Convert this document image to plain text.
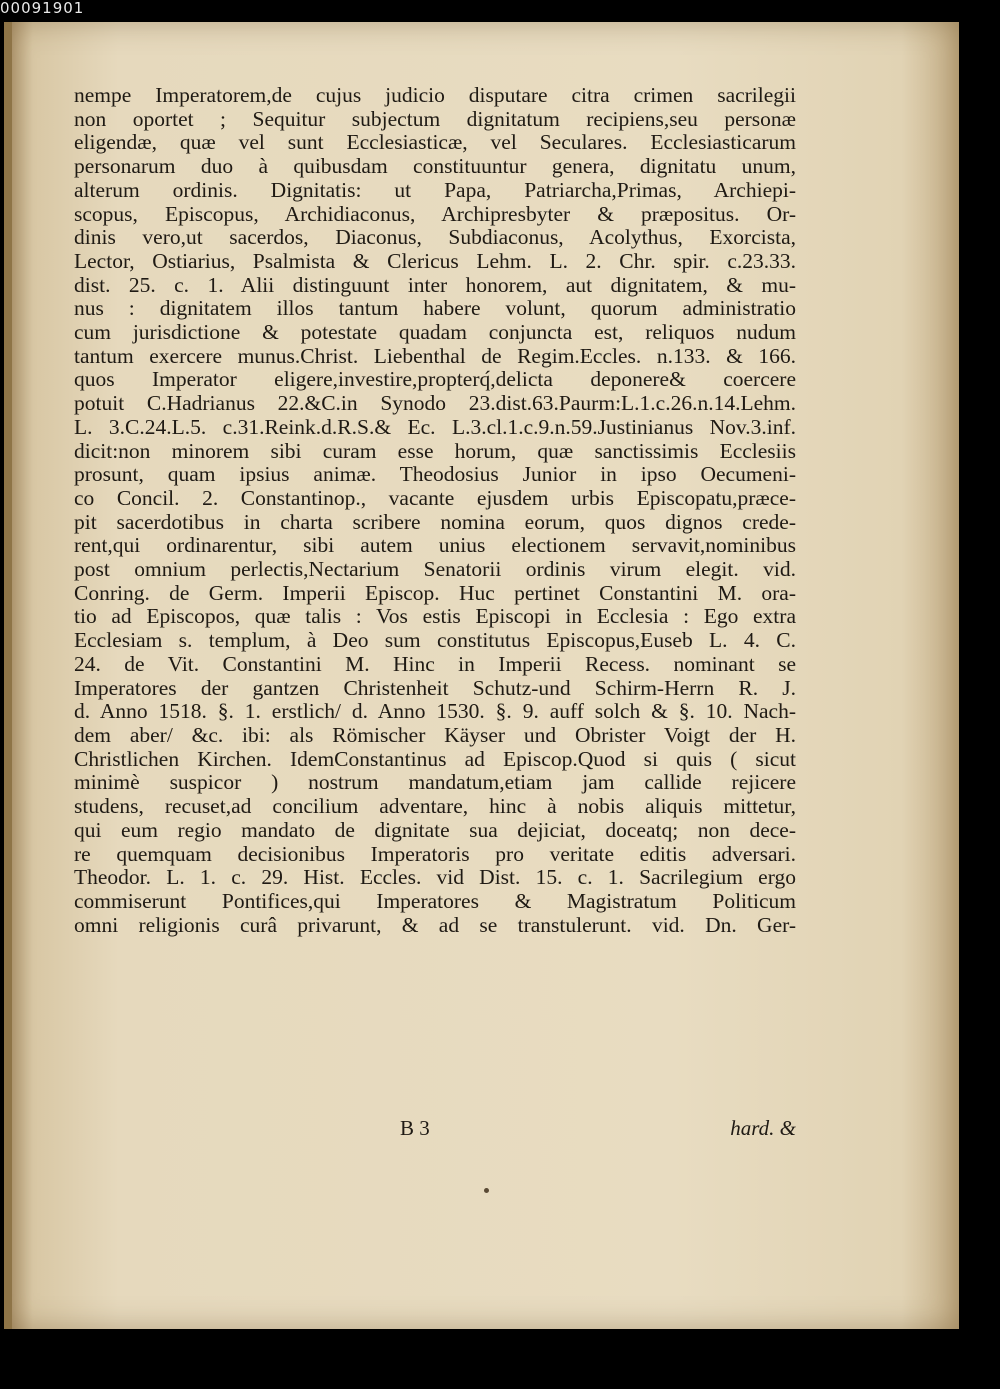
00091901
nempe Imperatorem,de cujus judicio disputare citra crimen sacrilegii
non oportet ; Sequitur subjectum dignitatum recipiens,seu personæ
eligendæ, quæ vel sunt Ecclesiasticæ, vel Seculares. Ecclesiasticarum
personarum duo à quibusdam constituuntur genera, dignitatu unum,
alterum ordinis. Dignitatis: ut Papa, Patriarcha,Primas, Archiepi-
scopus, Episcopus, Archidiaconus, Archipresbyter & præpositus. Or-
dinis vero,ut sacerdos, Diaconus, Subdiaconus, Acolythus, Exorcista,
Lector, Ostiarius, Psalmista & Clericus Lehm. L. 2. Chr. spir. c.23.33.
dist. 25. c. 1. Alii distinguunt inter honorem, aut dignitatem, & mu-
nus : dignitatem illos tantum habere volunt, quorum administratio
cum jurisdictione & potestate quadam conjuncta est, reliquos nudum
tantum exercere munus.Christ. Liebenthal de Regim.Eccles. n.133. & 166.
quos Imperator eligere,investire,propterq́,delicta deponere& coercere
potuit C.Hadrianus 22.&C.in Synodo 23.dist.63.Paurm:L.1.c.26.n.14.Lehm.
L. 3.C.24.L.5. c.31.Reink.d.R.S.& Ec. L.3.cl.1.c.9.n.59.Justinianus Nov.3.inf.
dicit:non minorem sibi curam esse horum, quæ sanctissimis Ecclesiis
prosunt, quam ipsius animæ. Theodosius Junior in ipso Oecumeni-
co Concil. 2. Constantinop., vacante ejusdem urbis Episcopatu,præce-
pit sacerdotibus in charta scribere nomina eorum, quos dignos crede-
rent,qui ordinarentur, sibi autem unius electionem servavit,nominibus
post omnium perlectis,Nectarium Senatorii ordinis virum elegit. vid.
Conring. de Germ. Imperii Episcop. Huc pertinet Constantini M. ora-
tio ad Episcopos, quæ talis : Vos estis Episcopi in Ecclesia : Ego extra
Ecclesiam s. templum, à Deo sum constitutus Episcopus,Euseb L. 4. C.
24. de Vit. Constantini M. Hinc in Imperii Recess. nominant se
Imperatores der gantzen Christenheit Schutz-und Schirm-Herrn R. J.
d. Anno 1518. §. 1. erstlich/ d. Anno 1530. §. 9. auff solch & §. 10. Nach-
dem aber/ &c. ibi: als Römischer Käyser und Obrister Voigt der H.
Christlichen Kirchen. IdemConstantinus ad Episcop.Quod si quis ( sicut
minimè suspicor ) nostrum mandatum,etiam jam callide rejicere
studens, recuset,ad concilium adventare, hinc à nobis aliquis mittetur,
qui eum regio mandato de dignitate sua dejiciat, doceatq; non dece-
re quemquam decisionibus Imperatoris pro veritate editis adversari.
Theodor. L. 1. c. 29. Hist. Eccles. vid Dist. 15. c. 1. Sacrilegium ergo
commiserunt Pontifices,qui Imperatores & Magistratum Politicum
omni religionis curâ privarunt, & ad se transtulerunt. vid. Dn. Ger-
B 3	hard. &
